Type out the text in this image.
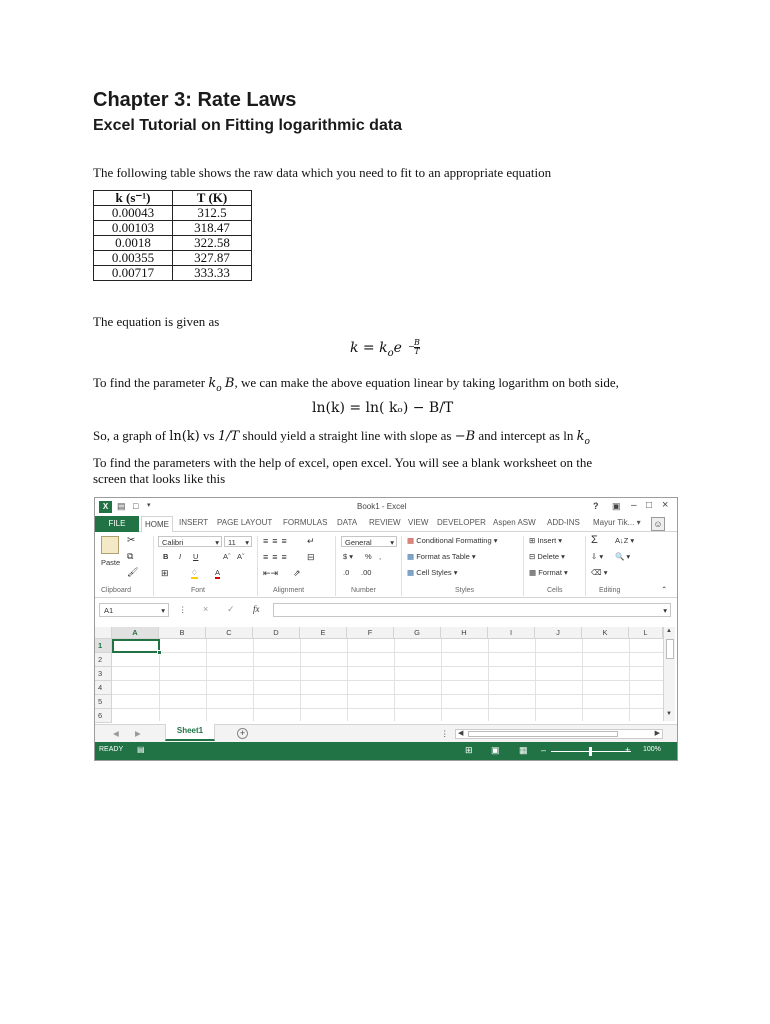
Chapter 3: Rate Laws
Excel Tutorial on Fitting logarithmic data
The following table shows the raw data which you need to fit to an appropriate equation
k (s⁻¹)	T (K)
0.00043	312.5
0.00103	318.47
0.0018	322.58
0.00355	327.87
0.00717	333.33
The equation is given as
$k = k_oe - B$
T
To find the parameter $k_o$ B, we can make the above equation linear by taking logarithm on both side,
ln(k) = ln( kₒ) − B/T
So, a graph of ln(k) vs 1/T should yield a straight line with slope as −B and intercept as $\ln k_o$
To find the parameters with the help of excel, open excel. You will see a blank worksheet on the
screen that looks like this
X ▤ □ ▾	Book1 - Excel	? ▣ – □ ×
FILE	HOME	INSERT PAGE LAYOUT FORMULAS DATA REVIEW VIEW DEVELOPER Aspen ASW ADD-INS Mayur Tik... ▾ ☺
Paste
✂
⧉
🖌
Clipboard
Calibri	▾ 11 ▾
B I U	Aˆ Aˇ
⊞	♢ A
Font
≡≡≡ ↵
≡≡≡ ⊟
⇤⇥ ⇗
Alignment
General ▾
$ ▾ % ,
.0 .00
Number
▦ Conditional Formatting ▾
▦ Format as Table ▾
▦ Cell Styles ▾
Styles
⊞ Insert ▾
⊟ Delete ▾
▦ Format ▾
Cells
Σ A↓Z ▾
⇩ ▾ 🔍 ▾
⌫ ▾
Editing	⌃
A1	▾ ⋮ × ✓ fx	▾
A	B	C	D	E	F	G	H	I	J	K	L
1
2
3
4
5
6
▲
▼
◀ ▶	Sheet1	+	⋮ ◀	▶
READY ▤	⊞ ▣ ▦ –	+ 100%
